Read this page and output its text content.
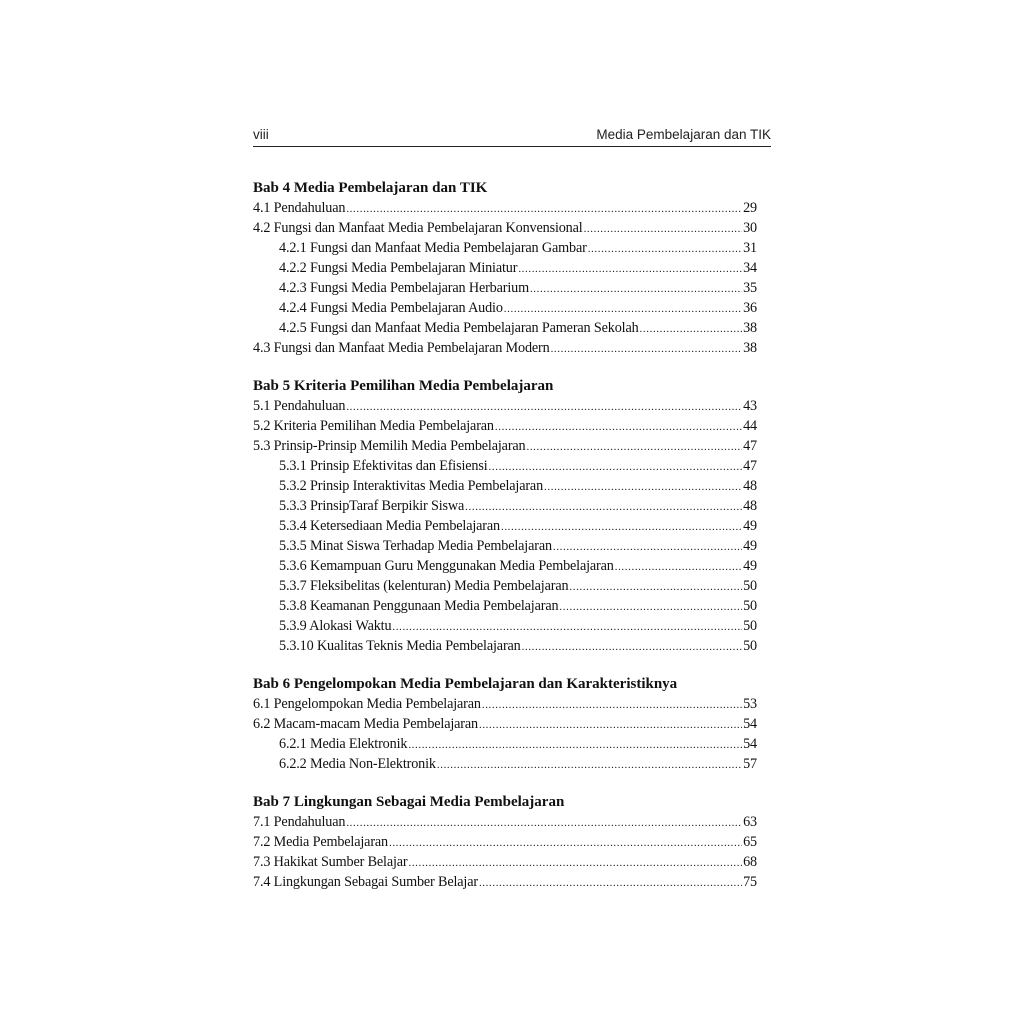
viii	Media Pembelajaran dan TIK
Bab 4 Media Pembelajaran dan TIK
4.1 Pendahuluan .....	29
4.2 Fungsi dan Manfaat Media Pembelajaran Konvensional .....	30
4.2.1 Fungsi dan Manfaat Media Pembelajaran Gambar .....	31
4.2.2 Fungsi Media Pembelajaran Miniatur .....	34
4.2.3 Fungsi Media Pembelajaran Herbarium .....	35
4.2.4 Fungsi Media Pembelajaran Audio .....	36
4.2.5 Fungsi dan Manfaat Media Pembelajaran Pameran Sekolah .....	38
4.3 Fungsi dan Manfaat Media Pembelajaran Modern .....	38
Bab 5 Kriteria Pemilihan Media Pembelajaran
5.1 Pendahuluan .....	43
5.2 Kriteria Pemilihan Media Pembelajaran .....	44
5.3 Prinsip-Prinsip Memilih Media Pembelajaran .....	47
5.3.1 Prinsip Efektivitas dan Efisiensi .....	47
5.3.2 Prinsip Interaktivitas Media Pembelajaran .....	48
5.3.3 PrinsipTaraf Berpikir Siswa .....	48
5.3.4 Ketersediaan Media Pembelajaran .....	49
5.3.5 Minat Siswa Terhadap Media Pembelajaran .....	49
5.3.6 Kemampuan Guru Menggunakan Media Pembelajaran .....	49
5.3.7 Fleksibelitas (kelenturan) Media Pembelajaran .....	50
5.3.8 Keamanan Penggunaan Media Pembelajaran .....	50
5.3.9 Alokasi Waktu .....	50
5.3.10 Kualitas Teknis Media Pembelajaran .....	50
Bab 6 Pengelompokan Media Pembelajaran dan Karakteristiknya
6.1 Pengelompokan Media Pembelajaran .....	53
6.2 Macam-macam Media Pembelajaran .....	54
6.2.1 Media Elektronik .....	54
6.2.2 Media Non-Elektronik .....	57
Bab 7 Lingkungan Sebagai Media Pembelajaran
7.1 Pendahuluan .....	63
7.2 Media Pembelajaran .....	65
7.3 Hakikat Sumber Belajar .....	68
7.4 Lingkungan Sebagai Sumber Belajar .....	75
